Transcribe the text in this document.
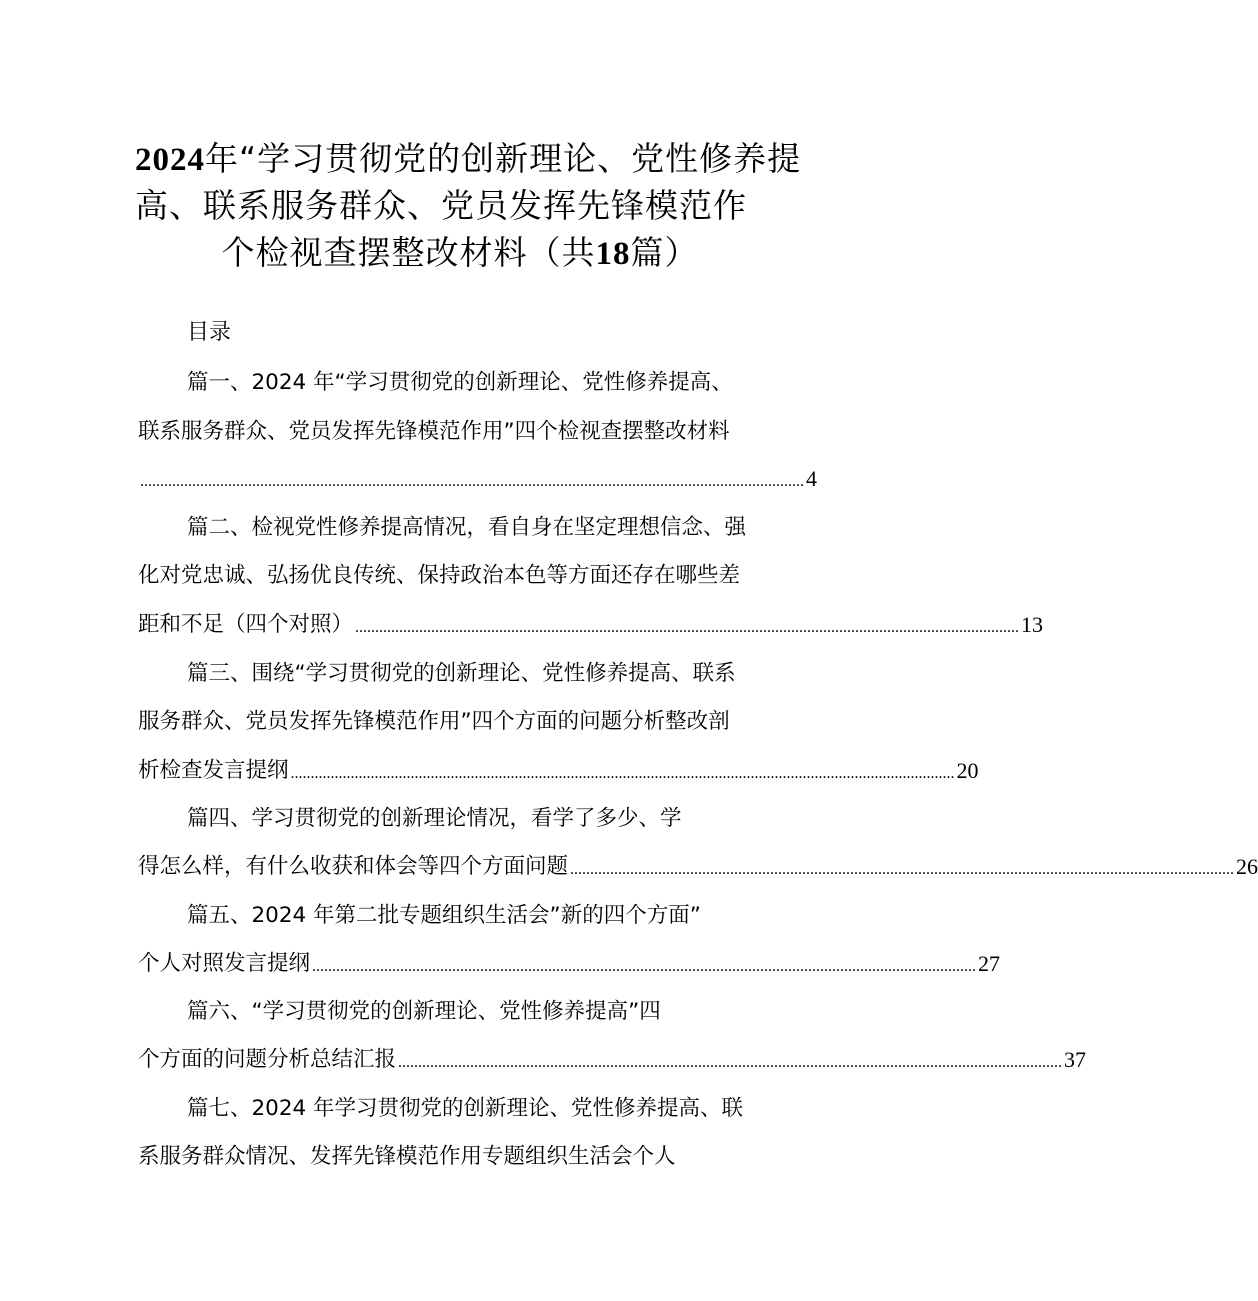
2024年“学习贯彻党的创新理论、党性修养提
高、联系服务群众、党员发挥先锋模范作
个检视查摆整改材料（共18篇）
目录
篇一、2024 年“学习贯彻党的创新理论、党性修养提高、
联系服务群众、党员发挥先锋模范作用”四个检视查摆整改材料
...................................................................................................................................................................... 4
篇二、检视党性修养提高情况，看自身在坚定理想信念、强
化对党忠诚、弘扬优良传统、保持政治本色等方面还存在哪些差
距和不足（四个对照） ...................................................................................................................................................................... 13
篇三、围绕“学习贯彻党的创新理论、党性修养提高、联系
服务群众、党员发挥先锋模范作用”四个方面的问题分析整改剖
析检查发言提纲 ...................................................................................................................................................................... 20
篇四、学习贯彻党的创新理论情况，看学了多少、学
得怎么样，有什么收获和体会等四个方面问题 ...................................................................................................................................................................... 26
篇五、2024 年第二批专题组织生活会”新的四个方面”
个人对照发言提纲 ...................................................................................................................................................................... 27
篇六、“学习贯彻党的创新理论、党性修养提高”四
个方面的问题分析总结汇报 ...................................................................................................................................................................... 37
篇七、2024 年学习贯彻党的创新理论、党性修养提高、联
系服务群众情况、发挥先锋模范作用专题组织生活会个人
